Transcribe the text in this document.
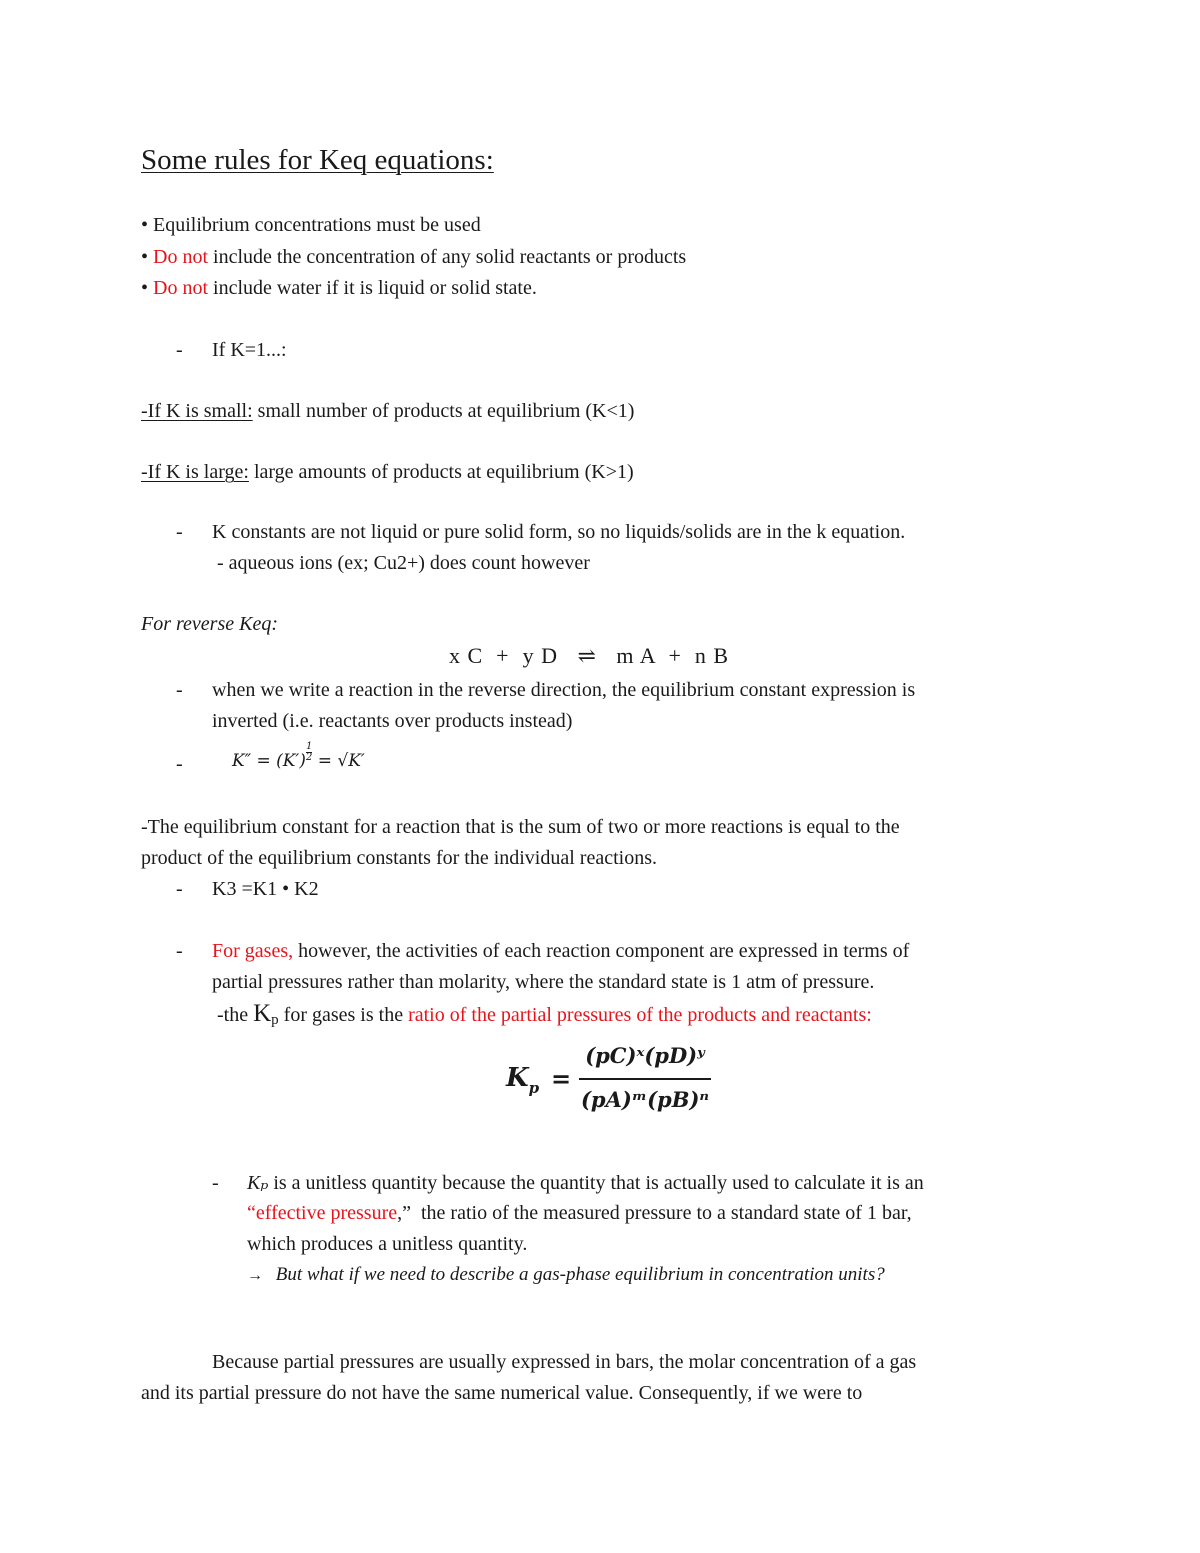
Some rules for Keq equations:
• Equilibrium concentrations must be used
• Do not include the concentration of any solid reactants or products
• Do not include water if it is liquid or solid state.
- If K=1...:
-If K is small: small number of products at equilibrium (K<1)
-If K is large: large amounts of products at equilibrium (K>1)
- K constants are not liquid or pure solid form, so no liquids/solids are in the k equation.
- aqueous ions (ex; Cu2+) does count however
For reverse Keq:
x C  +  y D   ⇌   m A  +  n B
- when we write a reaction in the reverse direction, the equilibrium constant expression is
inverted (i.e. reactants over products instead)
-	$K'' = (K') \frac{1}{2} = √K'$
-The equilibrium constant for a reaction that is the sum of two or more reactions is equal to the
product of the equilibrium constants for the individual reactions.
- K3 =K1 • K2
- For gases, however, the activities of each reaction component are expressed in terms of
partial pressures rather than molarity, where the standard state is 1 atm of pressure.
-the Kp for gases is the ratio of the partial pressures of the products and reactants:
$K_p$ =
(pC)ˣ(pD)ʸ
(pA)ᵐ(pB)ⁿ
- Kₚ is a unitless quantity because the quantity that is actually used to calculate it is an
“effective pressure,”  the ratio of the measured pressure to a standard state of 1 bar,
which produces a unitless quantity.
→ But what if we need to describe a gas-phase equilibrium in concentration units?
Because partial pressures are usually expressed in bars, the molar concentration of a gas
and its partial pressure do not have the same numerical value. Consequently, if we were to
